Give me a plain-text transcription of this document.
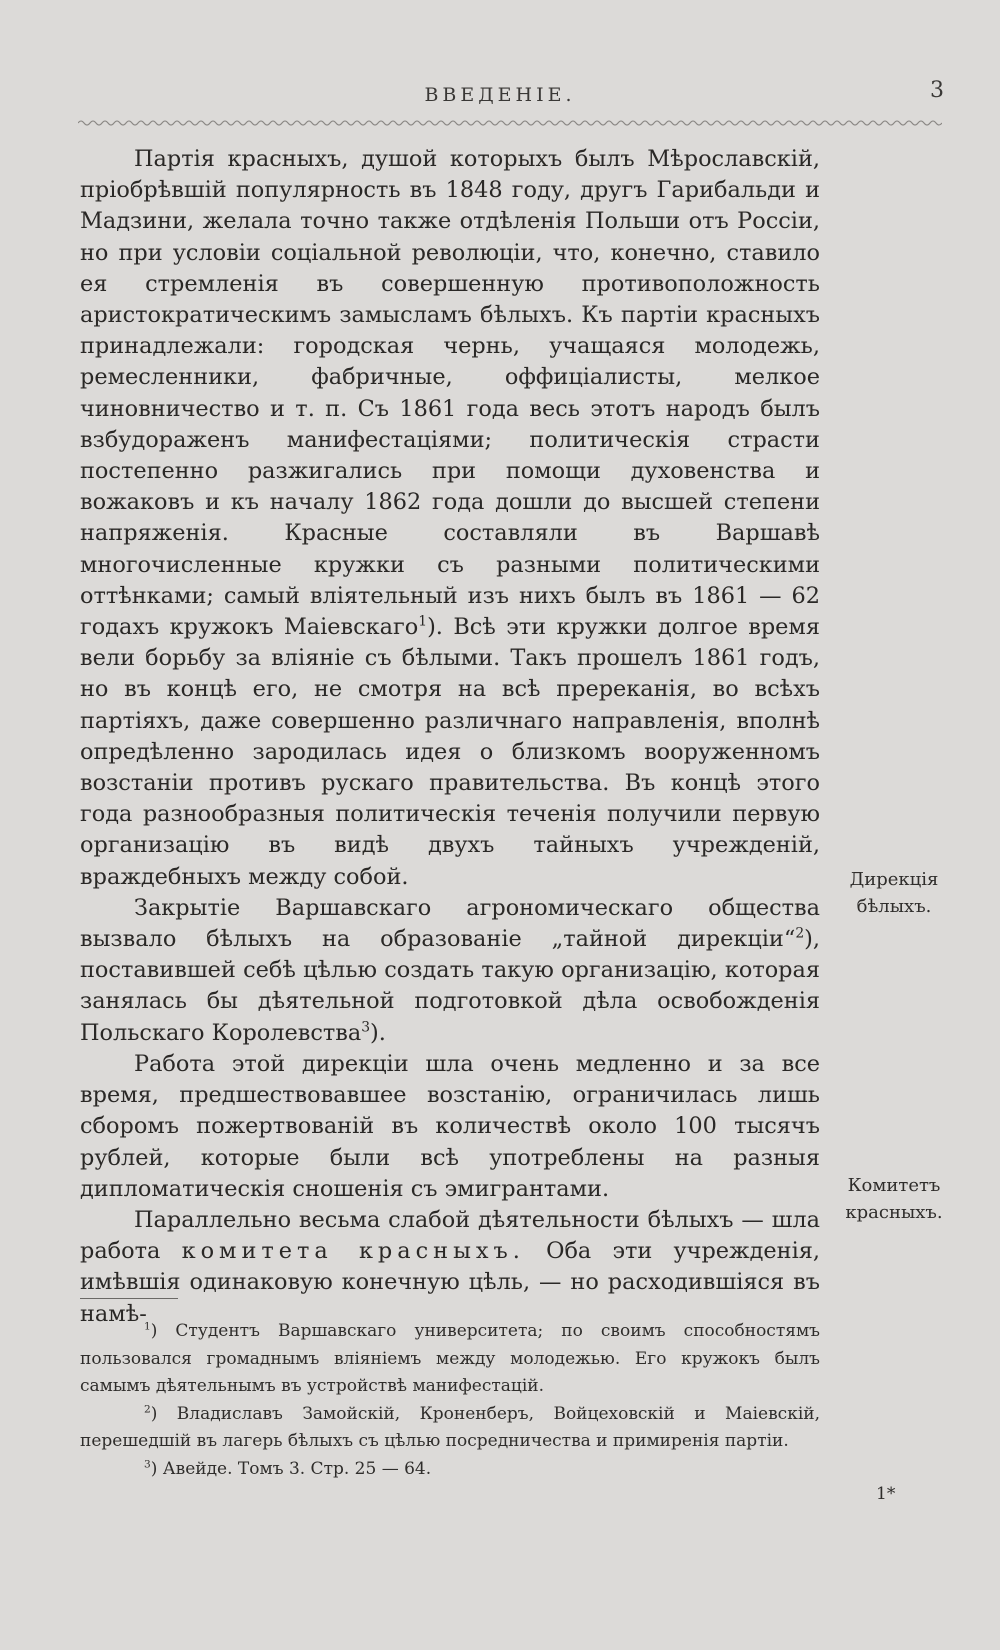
ВВЕДЕНІЕ.	3

Партія красныхъ, душой которыхъ былъ Мѣрославскій, пріобрѣвшій популярность въ 1848 году, другъ Гарибальди и Мадзини, желала точно также отдѣленія Польши отъ Россіи, но при условіи соціальной революціи, что, конечно, ставило ея стремленія въ совершенную противоположность аристократическимъ замысламъ бѣлыхъ. Къ партіи красныхъ принадлежали: городская чернь, учащаяся молодежь, ремесленники, фабричные, оффиціалисты, мелкое чиновничество и т. п. Съ 1861 года весь этотъ народъ былъ взбудораженъ манифестаціями; политическія страсти постепенно разжигались при помощи духовенства и вожаковъ и къ началу 1862 года дошли до высшей степени напряженія. Красные составляли въ Варшавѣ многочисленные кружки съ разными политическими оттѣнками; самый вліятельный изъ нихъ былъ въ 1861 — 62 годахъ кружокъ Маіевскаго$^1$). Всѣ эти кружки долгое время вели борьбу за вліяніе съ бѣлыми. Такъ прошелъ 1861 годъ, но въ концѣ его, не смотря на всѣ пререканія, во всѣхъ партіяхъ, даже совершенно различнаго направленія, вполнѣ опредѣленно зародилась идея о близкомъ вооруженномъ возстаніи противъ рускаго правительства. Въ концѣ этого года разнообразныя политическія теченія получили первую организацію въ видѣ двухъ тайныхъ учрежденій, враждебныхъ между собой.

Закрытіе Варшавскаго агрономическаго общества вызвало бѣлыхъ на образованіе „тайной дирекціи“$^2$), поставившей себѣ цѣлью создать такую организацію, которая занялась бы дѣятельной подготовкой дѣла освобожденія Польскаго Королевства$^3$).

Работа этой дирекціи шла очень медленно и за все время, предшествовавшее возстанію, ограничилась лишь сборомъ пожертвованій въ количествѣ около 100 тысячъ рублей, которые были всѣ употреблены на разныя дипломатическія сношенія съ эмигрантами.

Параллельно весьма слабой дѣятельности бѣлыхъ — шла работа комитета красныхъ. Оба эти учрежденія, имѣвшія одинаковую конечную цѣль, — но расходившіяся въ намѣ-

Дирекція бѣлыхъ.
Комитетъ красныхъ.

$^1$) Студентъ Варшавскаго университета; по своимъ способностямъ пользовался громаднымъ вліяніемъ между молодежью. Его кружокъ былъ самымъ дѣятельнымъ въ устройствѣ манифестацій.

$^2$) Владиславъ Замойскій, Кроненберъ, Войцеховскій и Маіевскій, перешедшій въ лагерь бѣлыхъ съ цѣлью посредничества и примиренія партіи.

$^3$) Авейде. Томъ 3. Стр. 25 — 64.

1*
